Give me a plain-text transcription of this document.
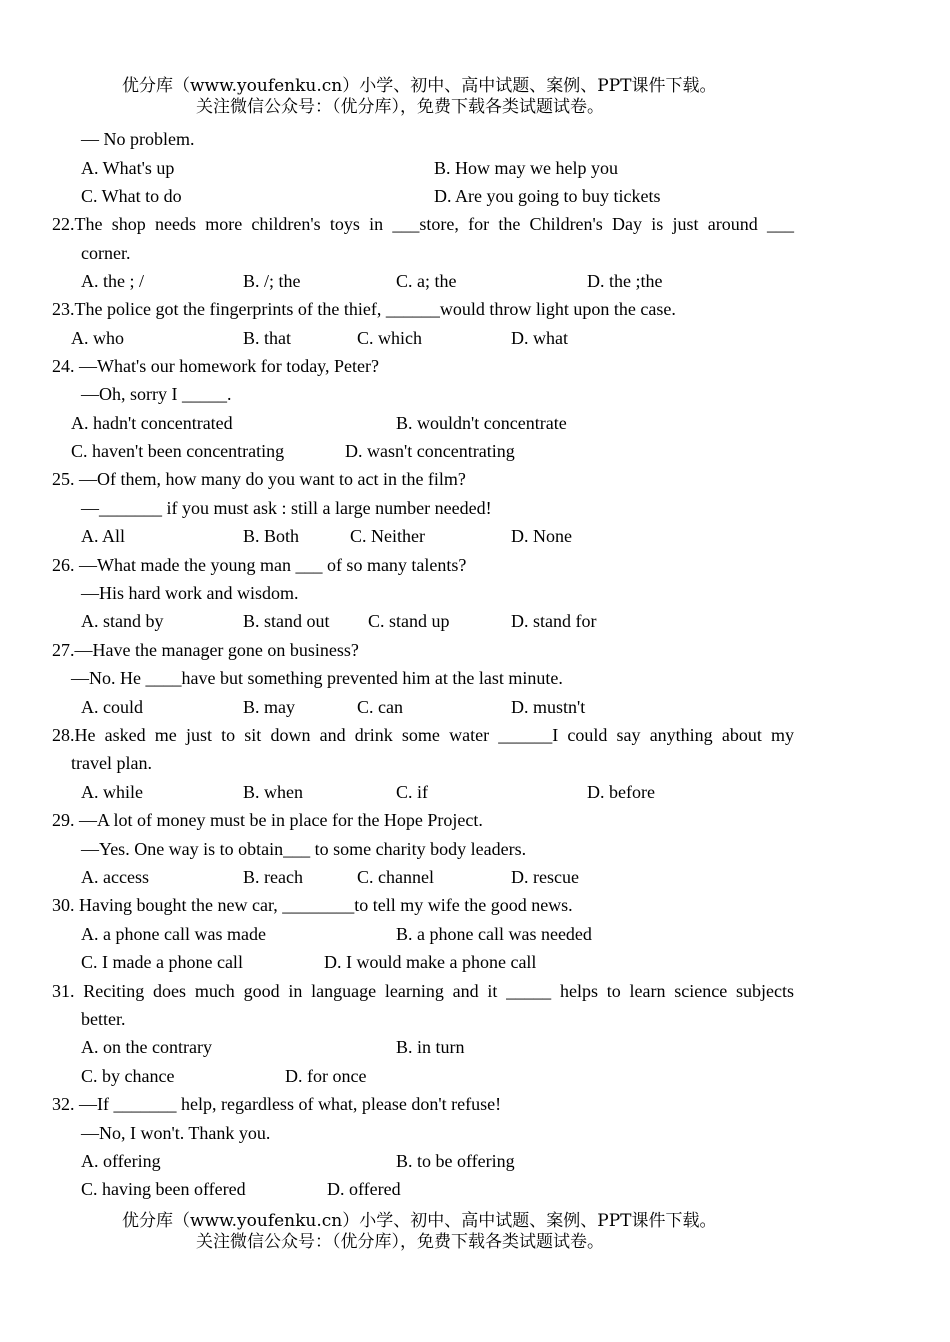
优分库（www.youfenku.cn）小学、初中、高中试题、案例、PPT课件下载。
关注微信公众号：（优分库），免费下载各类试题试卷。
— No problem.
A. What's up	B. How may we help you
C. What to do	D. Are you going to buy tickets
22.The shop needs more children's toys in ___store, for the Children's Day is just around ___
corner.
A. the ; /	B. /; the	C. a; the	D. the ;the
23.The police got the fingerprints of the thief, ______would throw light upon the case.
A. who	B. that	C. which	D. what
24. —What's our homework for today, Peter?
—Oh, sorry I _____.
A. hadn't concentrated	B. wouldn't concentrate
C. haven't been concentrating	D. wasn't concentrating
25. —Of them, how many do you want to act in the film?
—_______ if you must ask : still a large number needed!
A. All	B. Both	C. Neither	D. None
26. —What made the young man ___ of so many talents?
—His hard work and wisdom.
A. stand by	B. stand out C. stand up	D. stand for
27.—Have the manager gone on business?
—No. He ____have but something prevented him at the last minute.
A. could	B. may	C. can	D. mustn't
28.He asked me just to sit down and drink some water ______I could say anything about my
travel plan.
A. while	B. when	C. if	D. before
29. —A lot of money must be in place for the Hope Project.
—Yes. One way is to obtain___ to some charity body leaders.
A. access	B. reach	C. channel	D. rescue
30. Having bought the new car, ________to tell my wife the good news.
A. a phone call was made	B. a phone call was needed
C. I made a phone call	D. I would make a phone call
31. Reciting does much good in language learning and it _____ helps to learn science subjects
better.
A. on the contrary	B. in turn
C. by chance	D. for once
32. —If _______ help, regardless of what, please don't refuse!
—No, I won't. Thank you.
A. offering	B. to be offering
C. having been offered	D. offered
优分库（www.youfenku.cn）小学、初中、高中试题、案例、PPT课件下载。
关注微信公众号：（优分库），免费下载各类试题试卷。
